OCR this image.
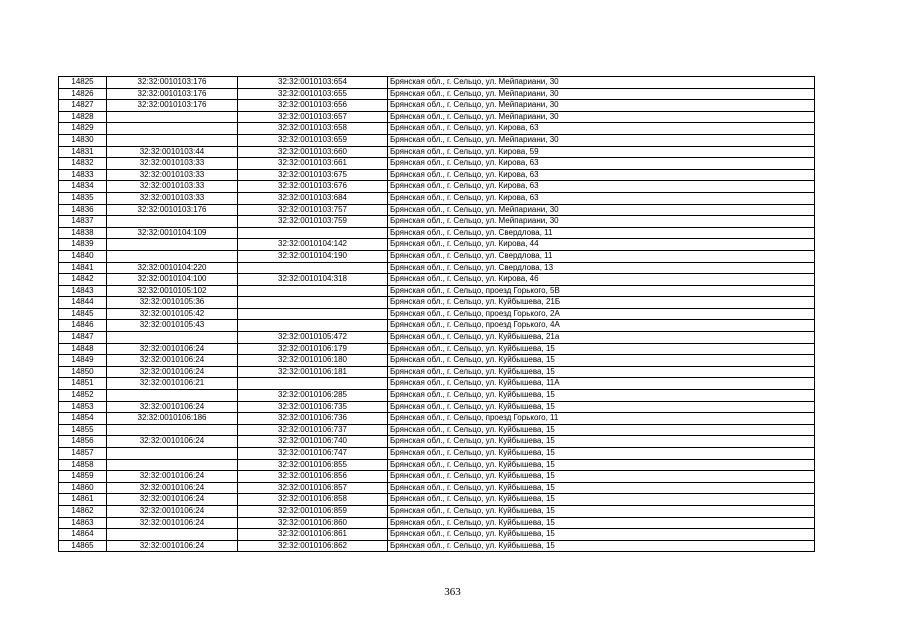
14825	32:32:0010103:176	32:32:0010103:654	Брянская обл., г. Сельцо, ул. Мейпариани, 30
14826	32:32:0010103:176	32:32:0010103:655	Брянская обл., г. Сельцо, ул. Мейпариани, 30
14827	32:32:0010103:176	32:32:0010103:656	Брянская обл., г. Сельцо, ул. Мейпариани, 30
14828		32:32:0010103:657	Брянская обл., г. Сельцо, ул. Мейпариани, 30
14829		32:32:0010103:658	Брянская обл., г. Сельцо, ул. Кирова, 63
14830		32:32:0010103:659	Брянская обл., г. Сельцо, ул. Мейпариани, 30
14831	32:32:0010103:44	32:32:0010103:660	Брянская обл., г. Сельцо, ул. Кирова, 59
14832	32:32:0010103:33	32:32:0010103:661	Брянская обл., г. Сельцо, ул. Кирова, 63
14833	32:32:0010103:33	32:32:0010103:675	Брянская обл., г. Сельцо, ул. Кирова, 63
14834	32:32:0010103:33	32:32:0010103:676	Брянская обл., г. Сельцо, ул. Кирова, 63
14835	32:32:0010103:33	32:32:0010103:684	Брянская обл., г. Сельцо, ул. Кирова, 63
14836	32:32:0010103:176	32:32:0010103:757	Брянская обл., г. Сельцо, ул. Мейпариани, 30
14837		32:32:0010103:759	Брянская обл., г. Сельцо, ул. Мейпариани, 30
14838	32:32:0010104:109		Брянская обл., г. Сельцо, ул. Свердлова, 11
14839		32:32:0010104:142	Брянская обл., г. Сельцо, ул. Кирова, 44
14840		32:32:0010104:190	Брянская обл., г. Сельцо, ул. Свердлова, 11
14841	32:32:0010104:220		Брянская обл., г. Сельцо, ул. Свердлова, 13
14842	32:32:0010104:100	32:32:0010104:318	Брянская обл., г. Сельцо, ул. Кирова, 46
14843	32:32:0010105:102		Брянская обл., г. Сельцо, проезд Горького, 5В
14844	32:32:0010105:36		Брянская обл., г. Сельцо, ул. Куйбышева, 21Б
14845	32:32:0010105:42		Брянская обл., г. Сельцо, проезд Горького, 2А
14846	32:32:0010105:43		Брянская обл., г. Сельцо, проезд Горького, 4А
14847		32:32:0010105:472	Брянская обл., г. Сельцо, ул. Куйбышева, 21а
14848	32:32:0010106:24	32:32:0010106:179	Брянская обл., г. Сельцо, ул. Куйбышева, 15
14849	32:32:0010106:24	32:32:0010106:180	Брянская обл., г. Сельцо, ул. Куйбышева, 15
14850	32:32:0010106:24	32:32:0010106:181	Брянская обл., г. Сельцо, ул. Куйбышева, 15
14851	32:32:0010106:21		Брянская обл., г. Сельцо, ул. Куйбышева, 11А
14852		32:32:0010106:285	Брянская обл., г. Сельцо, ул. Куйбышева, 15
14853	32:32:0010106:24	32:32:0010106:735	Брянская обл., г. Сельцо, ул. Куйбышева, 15
14854	32:32:0010106:186	32:32:0010106:736	Брянская обл., г. Сельцо, проезд Горького, 11
14855		32:32:0010106:737	Брянская обл., г. Сельцо, ул. Куйбышева, 15
14856	32:32:0010106:24	32:32:0010106:740	Брянская обл., г. Сельцо, ул. Куйбышева, 15
14857		32:32:0010106:747	Брянская обл., г. Сельцо, ул. Куйбышева, 15
14858		32:32:0010106:855	Брянская обл., г. Сельцо, ул. Куйбышева, 15
14859	32:32:0010106:24	32:32:0010106:856	Брянская обл., г. Сельцо, ул. Куйбышева, 15
14860	32:32:0010106:24	32:32:0010106:857	Брянская обл., г. Сельцо, ул. Куйбышева, 15
14861	32:32:0010106:24	32:32:0010106:858	Брянская обл., г. Сельцо, ул. Куйбышева, 15
14862	32:32:0010106:24	32:32:0010106:859	Брянская обл., г. Сельцо, ул. Куйбышева, 15
14863	32:32:0010106:24	32:32:0010106:860	Брянская обл., г. Сельцо, ул. Куйбышева, 15
14864		32:32:0010106:861	Брянская обл., г. Сельцо, ул. Куйбышева, 15
14865	32:32:0010106:24	32:32:0010106:862	Брянская обл., г. Сельцо, ул. Куйбышева, 15
363
